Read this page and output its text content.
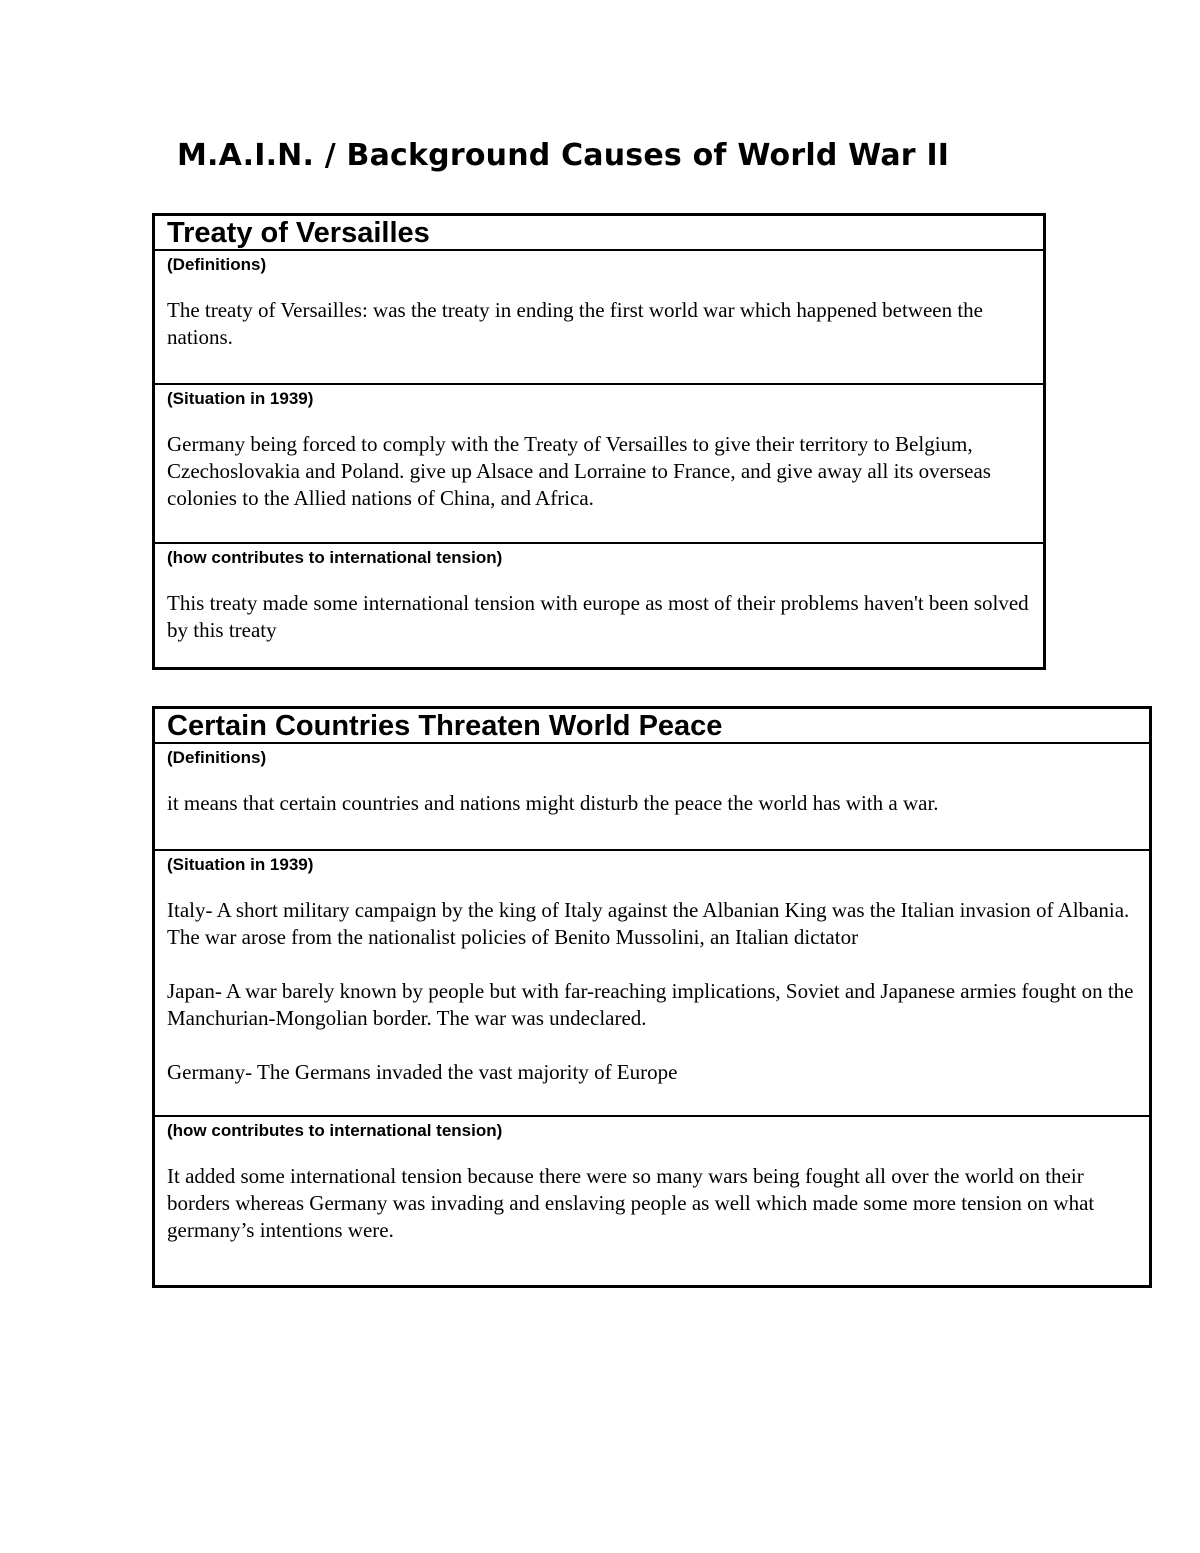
M.A.I.N. / Background Causes of World War II
Treaty of Versailles
(Definitions)

The treaty of Versailles: was the treaty in ending the first world war which happened between the nations.

(Situation in 1939)

Germany being forced to comply with the Treaty of Versailles to give their territory to Belgium, Czechoslovakia and Poland. give up Alsace and Lorraine to France, and give away all its overseas colonies to the Allied nations of China, and Africa.

(how contributes to international tension)

This treaty made some international tension with europe as most of their problems haven't been solved by this treaty

Certain Countries Threaten World Peace
(Definitions)

it means that certain countries and nations might disturb the peace the world has with a war.

(Situation in 1939)

Italy- A short military campaign by the king of Italy against the Albanian King was the Italian invasion of Albania. The war arose from the nationalist policies of Benito Mussolini, an Italian dictator

Japan- A war barely known by people but with far-reaching implications, Soviet and Japanese armies fought on the Manchurian-Mongolian border. The war was undeclared.

Germany- The Germans invaded the vast majority of Europe

(how contributes to international tension)

It added some international tension because there were so many wars being fought all over the world on their borders whereas Germany was invading and enslaving people as well which made some more tension on what germany’s intentions were.
